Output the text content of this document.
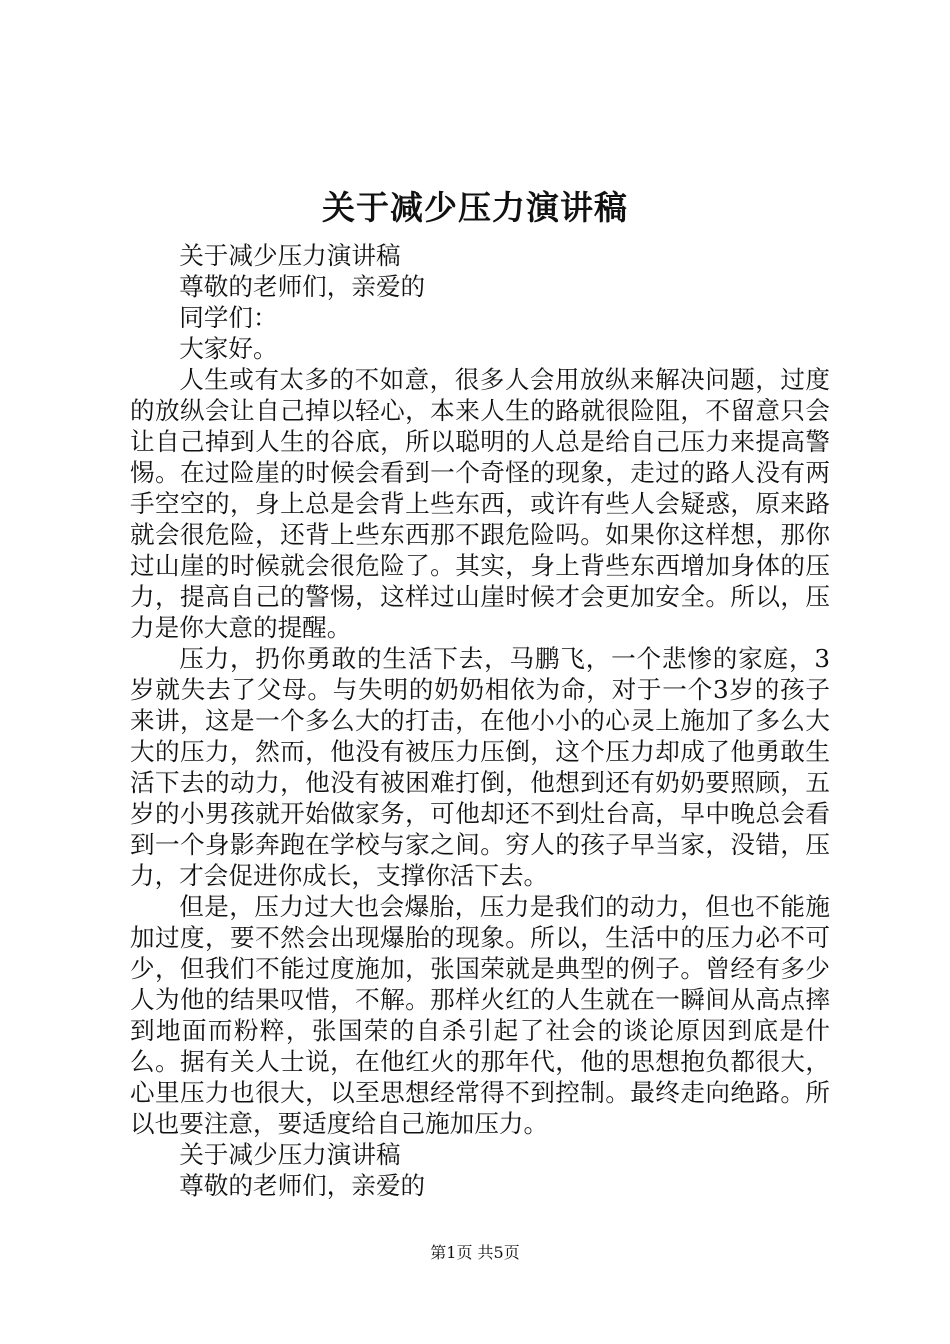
关于减少压力演讲稿

关于减少压力演讲稿

尊敬的老师们，亲爱的

同学们：

大家好。

人生或有太多的不如意，很多人会用放纵来解决问题，过度的放纵会让自己掉以轻心，本来人生的路就很险阻，不留意只会让自己掉到人生的谷底，所以聪明的人总是给自己压力来提高警惕。在过险崖的时候会看到一个奇怪的现象，走过的路人没有两手空空的，身上总是会背上些东西，或许有些人会疑惑，原来路就会很危险，还背上些东西那不跟危险吗。如果你这样想，那你过山崖的时候就会很危险了。其实，身上背些东西增加身体的压力，提高自己的警惕，这样过山崖时候才会更加安全。所以，压力是你大意的提醒。

压力，扔你勇敢的生活下去，马鹏飞，一个悲惨的家庭，3岁就失去了父母。与失明的奶奶相依为命，对于一个3岁的孩子来讲，这是一个多么大的打击，在他小小的心灵上施加了多么大大的压力，然而，他没有被压力压倒，这个压力却成了他勇敢生活下去的动力，他没有被困难打倒，他想到还有奶奶要照顾，五岁的小男孩就开始做家务，可他却还不到灶台高，早中晚总会看到一个身影奔跑在学校与家之间。穷人的孩子早当家，没错，压力，才会促进你成长，支撑你活下去。

但是，压力过大也会爆胎，压力是我们的动力，但也不能施加过度，要不然会出现爆胎的现象。所以，生活中的压力必不可少，但我们不能过度施加，张国荣就是典型的例子。曾经有多少人为他的结果叹惜，不解。那样火红的人生就在一瞬间从高点摔到地面而粉粹，张国荣的自杀引起了社会的谈论原因到底是什么。据有关人士说，在他红火的那年代，他的思想抱负都很大，心里压力也很大，以至思想经常得不到控制。最终走向绝路。所以也要注意，要适度给自己施加压力。

关于减少压力演讲稿

尊敬的老师们，亲爱的

第1页 共5页
